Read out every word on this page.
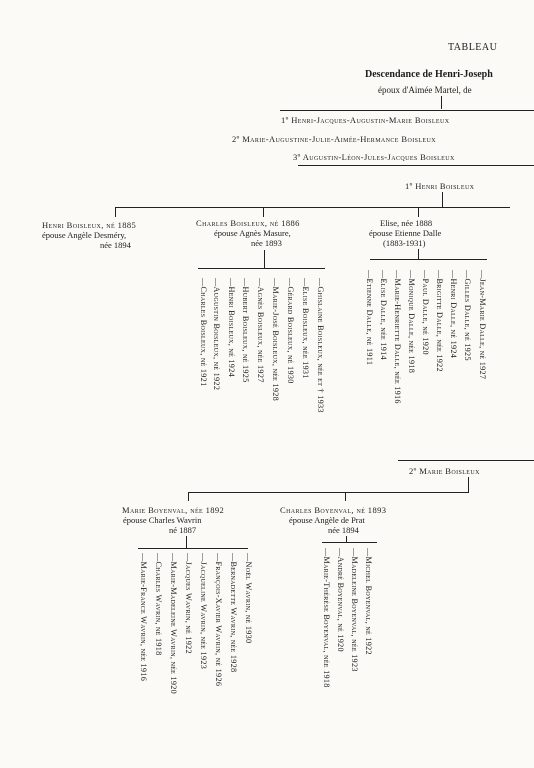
TABLEAU
Descendance de Henri-Joseph
époux d'Aimée Martel, de
1º Henri-Jacques-Augustin-Marie Boisleux
2º Marie-Augustine-Julie-Aimée-Hermance Boisleux
3º Augustin-Léon-Jules-Jacques Boisleux
1º Henri Boisleux
Henri Boisleux, né 1885
épouse Angèle Desméry,
née 1894
Charles Boisleux, né 1886
épouse Agnès Masure,
née 1893
Elise, née 1888
épouse Etienne Dalle
(1883-1931)
—Charles Boisleux, né 1921 —Augustin Boisleux, né 1922 —Henri Boisleux, né 1924 —Hubert Boisleux, né 1925 —Agnès Boisleux, née 1927 —Marie-José Boisleux, née 1928 —Gérard Boisleux, né 1930 —Elise Boisleux, née 1931 —Ghislaine Boisleux, née et † 1933	—Etienne Dalle, né 1911 —Elise Dalle, née 1914 —Marie-Henriette Dalle, née 1916 —Monique Dalle, née 1918 —Paul Dalle, né 1920 —Brigitte Dalle, née 1922 —Henri Dalle, né 1924 —Gilles Dalle, né 1925 —Jean-Marie Dalle, né 1927
2º Marie Boisleux
Marie Boyenval, née 1892
épouse Charles Wavrin
né 1887
Charles Boyenval, né 1893
épouse Angèle de Prat
née 1894
—Marie-France Wavrin, née 1916 —Charles Wavrin, né 1918 —Marie-Madeleine Wavrin, née 1920 —Jacques Wavrin, né 1922 —Jacqueline Wavrin, née 1923 —François-Xavier Wavrin, né 1926 —Bernadette Wavrin, née 1928 —Noël Wavrin, né 1930	—Marie-Thérèse Boyenval, née 1918 —André Boyenval, né 1920 —Madeleine Boyenval, née 1923 —Michel Boyenval, né 1922
